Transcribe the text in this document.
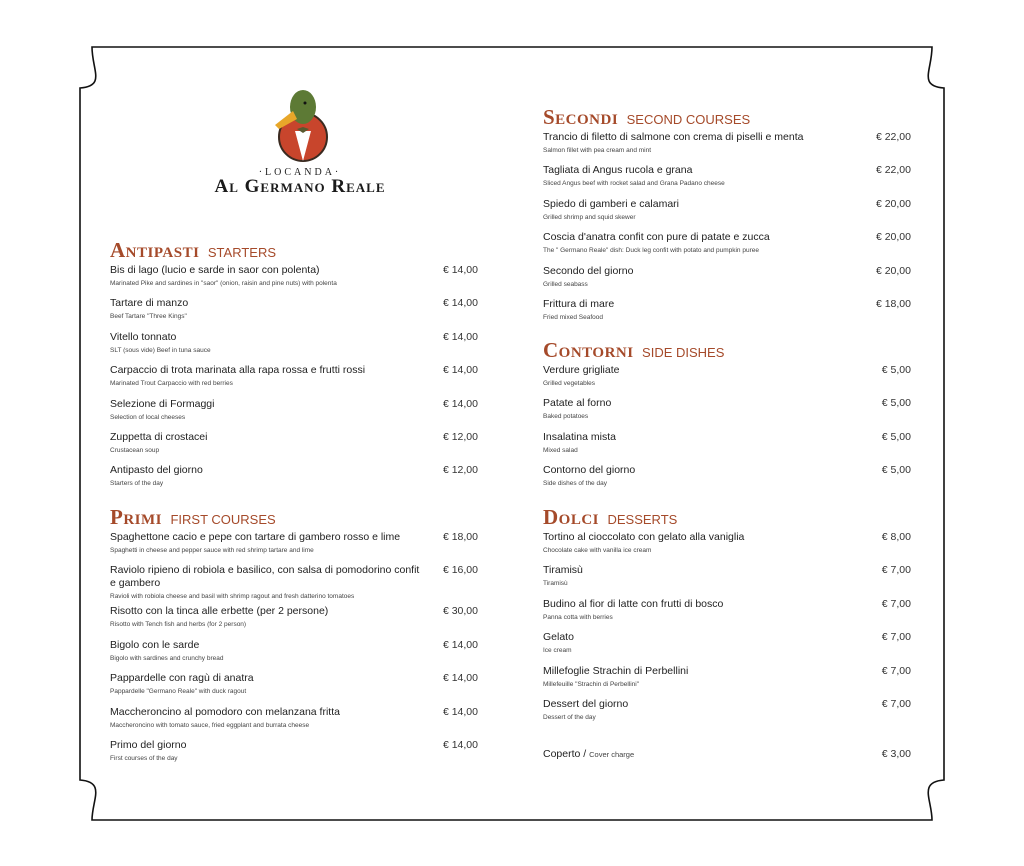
·LOCANDA·
Al Germano Reale
Antipasti STARTERS
Bis di lago (lucio e sarde in saor con polenta)
Marinated Pike and sardines in "saor" (onion, raisin and pine nuts) with polenta
€ 14,00
Tartare di manzo
Beef Tartare "Three Kings"
€ 14,00
Vitello tonnato
SLT (sous vide) Beef in tuna sauce
€ 14,00
Carpaccio di trota marinata alla rapa rossa e frutti rossi
Marinated Trout Carpaccio with red berries
€ 14,00
Selezione di Formaggi
Selection of local cheeses
€ 14,00
Zuppetta di crostacei
Crustacean soup
€ 12,00
Antipasto del giorno
Starters of the day
€ 12,00
Primi FIRST COURSES
Spaghettone cacio e pepe con tartare di gambero rosso e lime
Spaghetti in cheese and pepper sauce with red shrimp tartare and lime
€ 18,00
Raviolo ripieno di robiola e basilico, con salsa di pomodorino confit e gambero
Ravioli with robiola cheese and basil with shrimp ragout and fresh datterino tomatoes
€ 16,00
Risotto con la tinca alle erbette (per 2 persone)
Risotto with Tench fish and herbs (for 2 person)
€ 30,00
Bigolo con le sarde
Bigolo with sardines and crunchy bread
€ 14,00
Pappardelle con ragù di anatra
Pappardelle "Germano Reale" with duck ragout
€ 14,00
Maccheroncino al pomodoro con melanzana fritta
Maccheroncino with tomato sauce, fried eggplant and burrata cheese
€ 14,00
Primo del giorno
First courses of the day
€ 14,00
Secondi SECOND COURSES
Trancio di filetto di salmone con crema di piselli e menta
Salmon fillet with pea cream and mint
€ 22,00
Tagliata di Angus rucola e grana
Sliced Angus beef with rocket salad and Grana Padano cheese
€ 22,00
Spiedo di gamberi e calamari
Grilled shrimp and squid skewer
€ 20,00
Coscia d'anatra confit con pure di patate e zucca
The " Germano Reale" dish: Duck leg confit with potato and pumpkin puree
€ 20,00
Secondo del giorno
Grilled seabass
€ 20,00
Frittura di mare
Fried mixed Seafood
€ 18,00
Contorni SIDE DISHES
Verdure grigliate
Grilled vegetables
€ 5,00
Patate al forno
Baked potatoes
€ 5,00
Insalatina mista
Mixed salad
€ 5,00
Contorno del giorno
Side dishes of the day
€ 5,00
Dolci DESSERTS
Tortino al cioccolato con gelato alla vaniglia
Chocolate cake with vanilla ice cream
€ 8,00
Tiramisù
Tiramisù
€ 7,00
Budino al fior di latte con frutti di bosco
Panna cotta with berries
€ 7,00
Gelato
Ice cream
€ 7,00
Millefoglie Strachin di Perbellini
Millefeuille "Strachin di Perbellini"
€ 7,00
Dessert del giorno
Dessert of the day
€ 7,00
Coperto / Cover charge	€ 3,00
